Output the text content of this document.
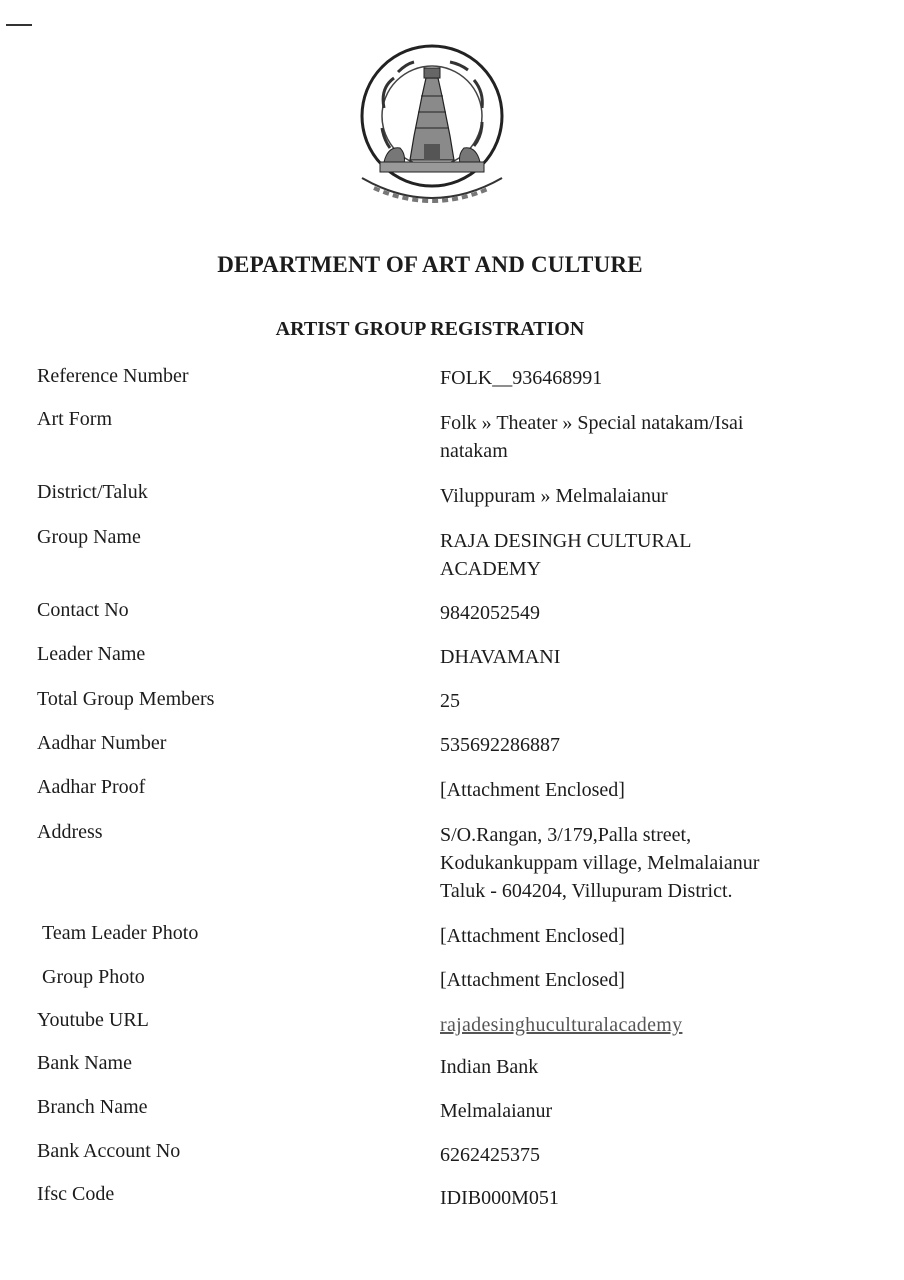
DEPARTMENT OF ART AND CULTURE
ARTIST GROUP REGISTRATION
Reference Number	FOLK__936468991
Art Form	Folk » Theater » Special natakam/Isai natakam
District/Taluk	Viluppuram » Melmalaianur
Group Name	RAJA DESINGH CULTURAL ACADEMY
Contact No	9842052549
Leader Name	DHAVAMANI
Total Group Members	25
Aadhar Number	535692286887
Aadhar Proof	[Attachment Enclosed]
Address	S/O.Rangan, 3/179,Palla street, Kodukankuppam village, Melmalaianur Taluk - 604204, Villupuram District.
Team Leader Photo	[Attachment Enclosed]
Group Photo	[Attachment Enclosed]
Youtube URL	rajadesinghuculturalacademy
Bank Name	Indian Bank
Branch Name	Melmalaianur
Bank Account No	6262425375
Ifsc Code	IDIB000M051
